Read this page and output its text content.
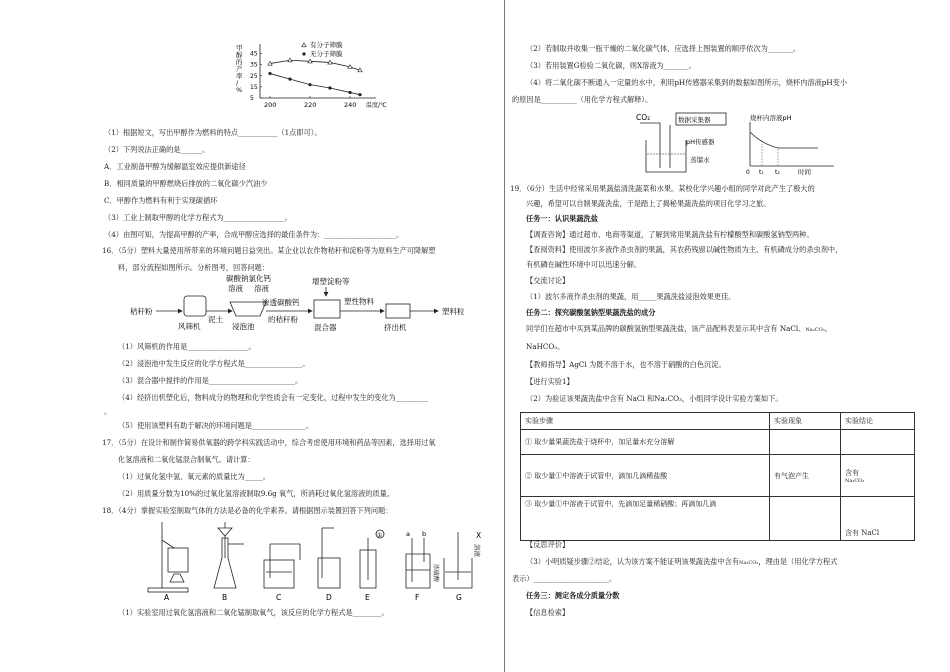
5
15
25
35
45
200	220	240 温度/℃
甲
醇
的
产
率
/
%
有分子筛膜
无分子筛膜
（1）根据短文，写出甲醇作为燃料的特点___________（1点即可）。
（2）下列说法正确的是______。
A．工业制备甲醇为缓解温室效应提供新途径
B．相同质量的甲醇燃烧后排放的二氧化碳少汽油少
C．甲醇作为燃料有利于实现碳循环
（3）工业上制取甲醇的化学方程式为_________________。
（4）由图可知，为提高甲醇的产率，合成甲醇应选择的最佳条件为：____________________。
16．（5分）塑料大量使用所带来的环境问题日益突出。某企业以农作物秸秆和淀粉等为原料生产可降解塑
料，部分流程如图所示。分析图考，回答问题：
秸秆粉
风筛机
泥土
碳酸钠氯化钙
溶液 溶液
浸泡池
渗透碳酸钙
的秸秆粉
增塑淀粉等
混合器
塑性物料
挤出机
塑料粒
（1）风筛机的作用是_________________。
（2）浸泡池中发生反应的化学方程式是________________。
（3）混合器中搅拌的作用是________________________。
（4）经挤出机塑化后，物料成分的物理和化学性质会有一定变化，过程中发生的变化为_________
。
（5）使用该塑料有助于解决的环境问题是_______________。
17．（5分）在设计和制作简易供氧器的跨学科实践活动中，综合考虑使用环境和药品等因素，选择用过氧
化氢溶液和二氧化锰混合制氧气。请计算：
（1）过氧化氢中氢、氧元素的质量比为_____。
（2）用质量分数为10%的过氧化氢溶液制取9.6g 氧气，所消耗过氧化氢溶液的质量。
18．（4分）掌握实验室制取气体的方法是必备的化学素养。请根据图示装置回答下列问题：
A	B	C	D	E	F	G
①	a b
浓硫酸
X
溶液
（1）实验室用过氧化氢溶液和二氧化锰制取氧气，该反应的化学方程式是________。
（2）若制取并收集一瓶干燥的二氧化碳气体，应选择上图装置的顺序依次为_______。
（3）若用装置G检验二氧化碳，则X溶液为_______。
（4）将二氧化碳不断通入一定量的水中，利用pH传感器采集到的数据如图所示，烧杯内溶液pH变小
的原因是__________（用化学方程式解释）。
CO₂	数据采集器
pH传感器
蒸馏水
烧杯内溶液pH
0 t₁ t₂	时间
19．（6分）生活中经常采用果蔬盐清洗蔬菜和水果。某校化学兴趣小组的同学对此产生了极大的
兴趣，希望可以自制果蔬洗盐，于是踏上了揭秘果蔬洗盐的项目化学习之旅。
任务一：认识果蔬洗盐
【调查咨询】通过超市、电商等渠道，了解到常用果蔬洗盐有柠檬酸型和碳酸氢钠型两种。
【查阅资料】使用波尔多液作杀虫剂的果蔬，其农药残留以碱性物质为主、有机磷成分的杀虫剂中，
有机磷在碱性环境中可以迅速分解。
【交流讨论】
（1）波尔多液作杀虫剂的果蔬，用_____果蔬洗盐浸泡效果更佳。
任务二：探究碳酸氢钠型果蔬洗盐的成分
同学们在超市中买到某品牌的碳酸氢钠型果蔬洗盐，该产品配料表显示其中含有 NaCl、Na₂CO₃、
NaHCO₃。
【教师指导】AgCl 为既不溶于水，也不溶于硝酸的白色沉淀。
【进行实验1】
（2）为验证该果蔬洗盐中含有 NaCl 和Na₂CO₃，小组同学设计实验方案如下。
实验步骤	实验现象	实验结论
① 取少量果蔬洗盐于烧杯中，加足量水充分溶解		
② 取少量①中溶液于试管中，滴加几滴稀盐酸	有气泡产生	含有
Na₂CO₃

③ 取少量①中溶液于试管中，先滴加足量稀硝酸；再滴加几滴		含有 NaCl
【反思评价】
（3）小明质疑步骤②结论，认为该方案不能证明该果蔬洗盐中含有Na₂CO₃，理由是（用化学方程式
表示）_____________________。
任务三：测定各成分质量分数
【信息检索】
